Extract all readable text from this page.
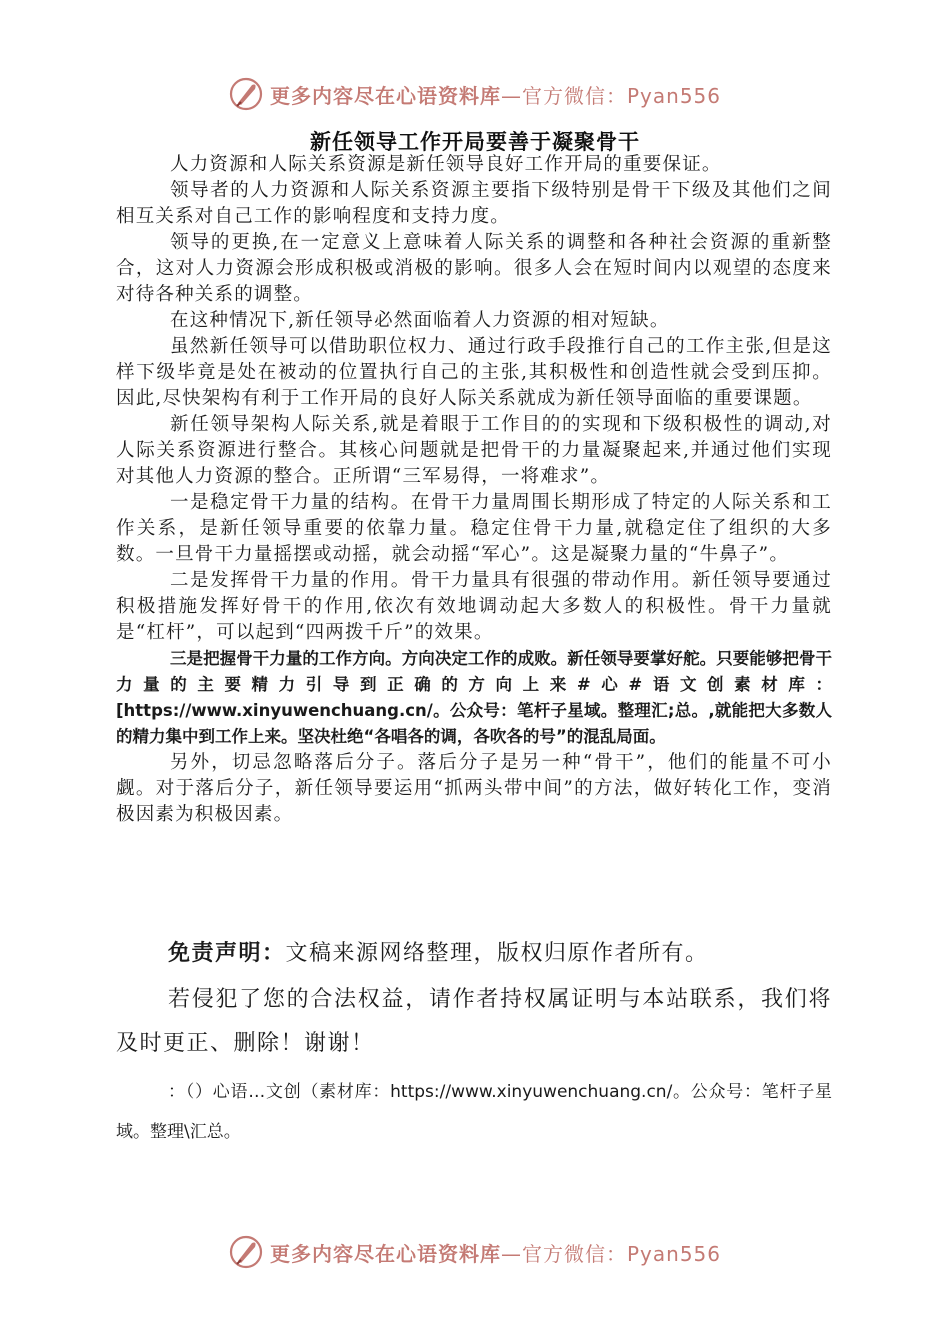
更多内容尽在心语资料库—官方微信：Pyan556
新任领导工作开局要善于凝聚骨干

人力资源和人际关系资源是新任领导良好工作开局的重要保证。

领导者的人力资源和人际关系资源主要指下级特别是骨干下级及其他们之间相互关系对自己工作的影响程度和支持力度。

领导的更换,在一定意义上意味着人际关系的调整和各种社会资源的重新整合，这对人力资源会形成积极或消极的影响。很多人会在短时间内以观望的态度来对待各种关系的调整。

在这种情况下,新任领导必然面临着人力资源的相对短缺。

虽然新任领导可以借助职位权力、通过行政手段推行自己的工作主张,但是这样下级毕竟是处在被动的位置执行自己的主张,其积极性和创造性就会受到压抑。因此,尽快架构有利于工作开局的良好人际关系就成为新任领导面临的重要课题。

新任领导架构人际关系,就是着眼于工作目的的实现和下级积极性的调动,对人际关系资源进行整合。其核心问题就是把骨干的力量凝聚起来,并通过他们实现对其他人力资源的整合。正所谓“三军易得，一将难求”。

一是稳定骨干力量的结构。在骨干力量周围长期形成了特定的人际关系和工作关系，是新任领导重要的依靠力量。稳定住骨干力量,就稳定住了组织的大多数。一旦骨干力量摇摆或动摇，就会动摇“军心”。这是凝聚力量的“牛鼻子”。

二是发挥骨干力量的作用。骨干力量具有很强的带动作用。新任领导要通过积极措施发挥好骨干的作用,依次有效地调动起大多数人的积极性。骨干力量就是“杠杆”，可以起到“四两拨千斤”的效果。

三是把握骨干力量的工作方向。方向决定工作的成败。新任领导要掌好舵。只要能够把骨干力量的主要精力引导到正确的方向上来#心#语文创素材库：[https://www.xinyuwenchuang.cn/。公众号：笔杆子星域。整理汇;总。,就能把大多数人的精力集中到工作上来。坚决杜绝“各唱各的调，各吹各的号”的混乱局面。

另外，切忌忽略落后分子。落后分子是另一种“骨干”，他们的能量不可小觑。对于落后分子，新任领导要运用“抓两头带中间”的方法，做好转化工作，变消极因素为积极因素。

免责声明：文稿来源网络整理，版权归原作者所有。

若侵犯了您的合法权益，请作者持权属证明与本站联系，我们将及时更正、删除！谢谢！

：（）心语…文创（素材库：https://www.xinyuwenchuang.cn/。公众号：笔杆子星域。整理\汇总。

更多内容尽在心语资料库—官方微信：Pyan556
